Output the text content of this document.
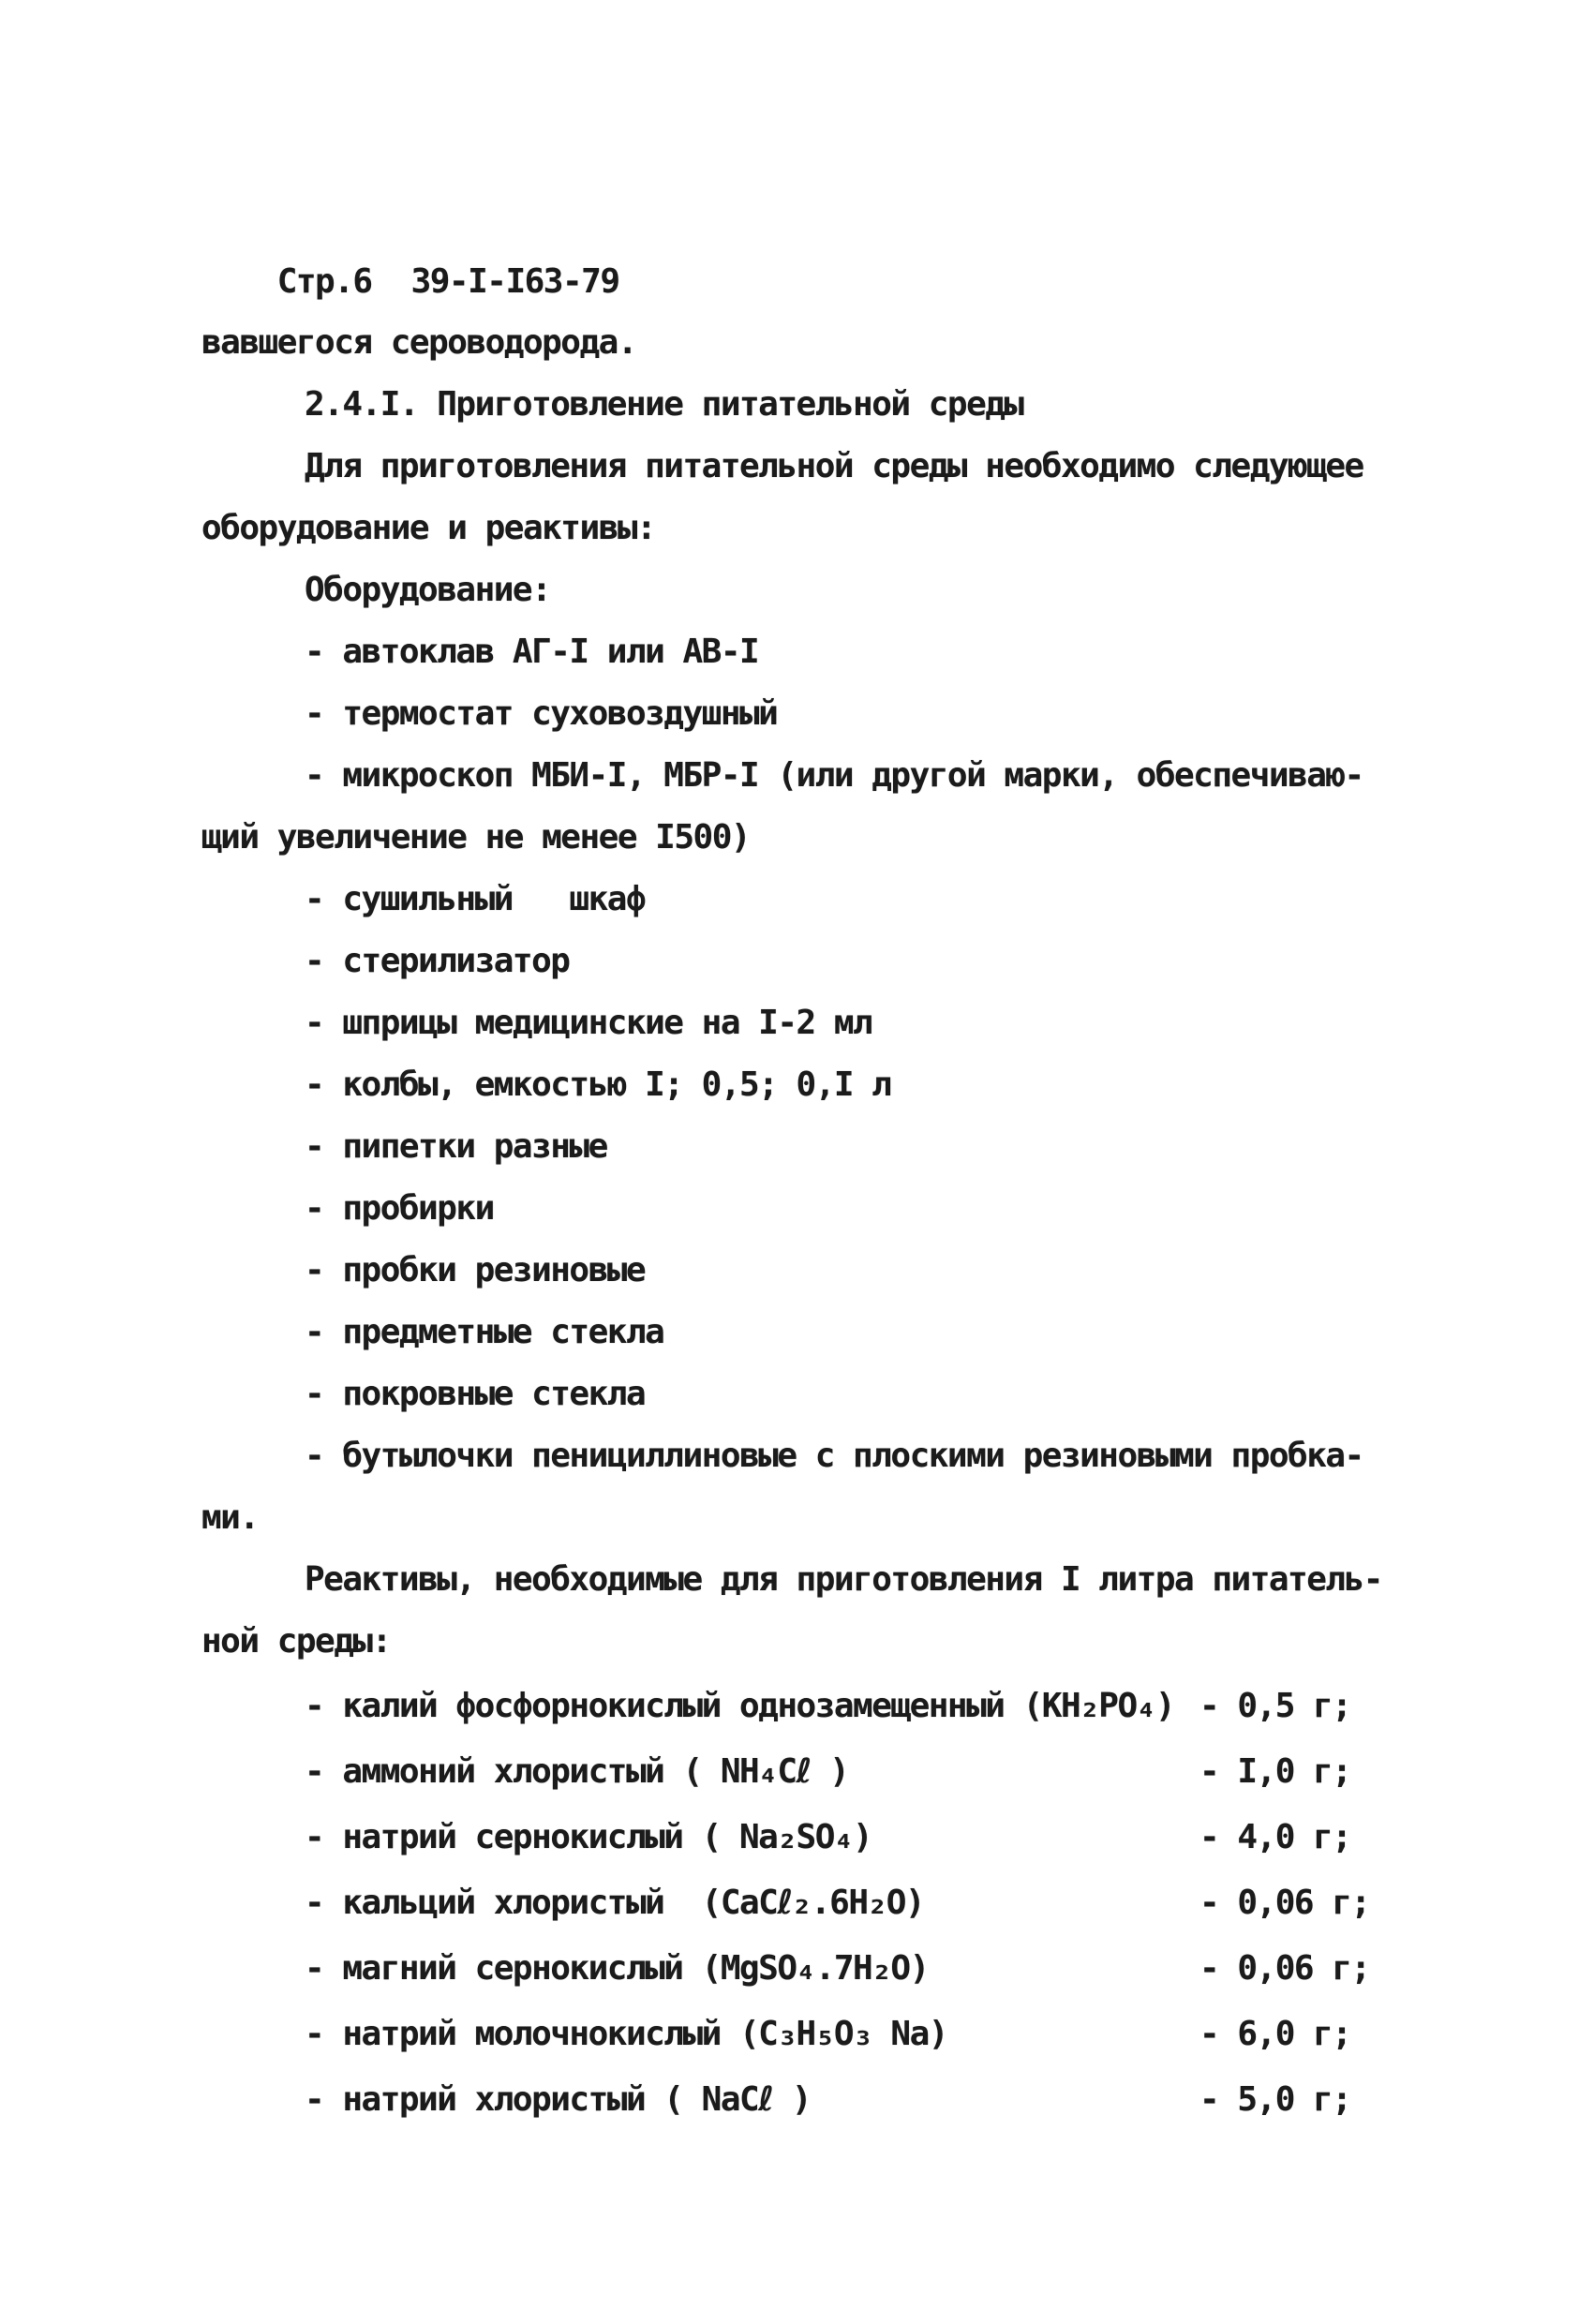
Стр.6 39-I-I63-79

вавшегося сероводорода.
2.4.I. Приготовление питательной среды
Для приготовления питательной среды необходимо следующее
оборудование и реактивы:
Оборудование:
- автоклав АГ-I или АВ-I
- термостат суховоздушный
- микроскоп МБИ-I, МБР-I (или другой марки, обеспечиваю-
щий увеличение не менее I500)
- сушильный   шкаф
- стерилизатор
- шприцы медицинские на I-2 мл
- колбы, емкостью I; 0,5; 0,I л
- пипетки разные
- пробирки
- пробки резиновые
- предметные стекла
- покровные стекла
- бутылочки пенициллиновые с плоскими резиновыми пробка-
ми.
Реактивы, необходимые для приготовления I литра питатель-
ной среды:
- калий фосфорнокислый однозамещенный (КН₂РО₄) - 0,5 г;
- аммоний хлористый ( NН₄Сℓ )	- I,0 г;
- натрий сернокислый ( Nа₂SО₄)	- 4,0 г;
- кальций хлористый  (СаСℓ₂.6Н₂О)	- 0,06 г;
- магний сернокислый (МgSО₄.7Н₂О)	- 0,06 г;
- натрий молочнокислый (С₃Н₅О₃ Nа)	- 6,0 г;
- натрий хлористый ( NаСℓ )	- 5,0 г;
